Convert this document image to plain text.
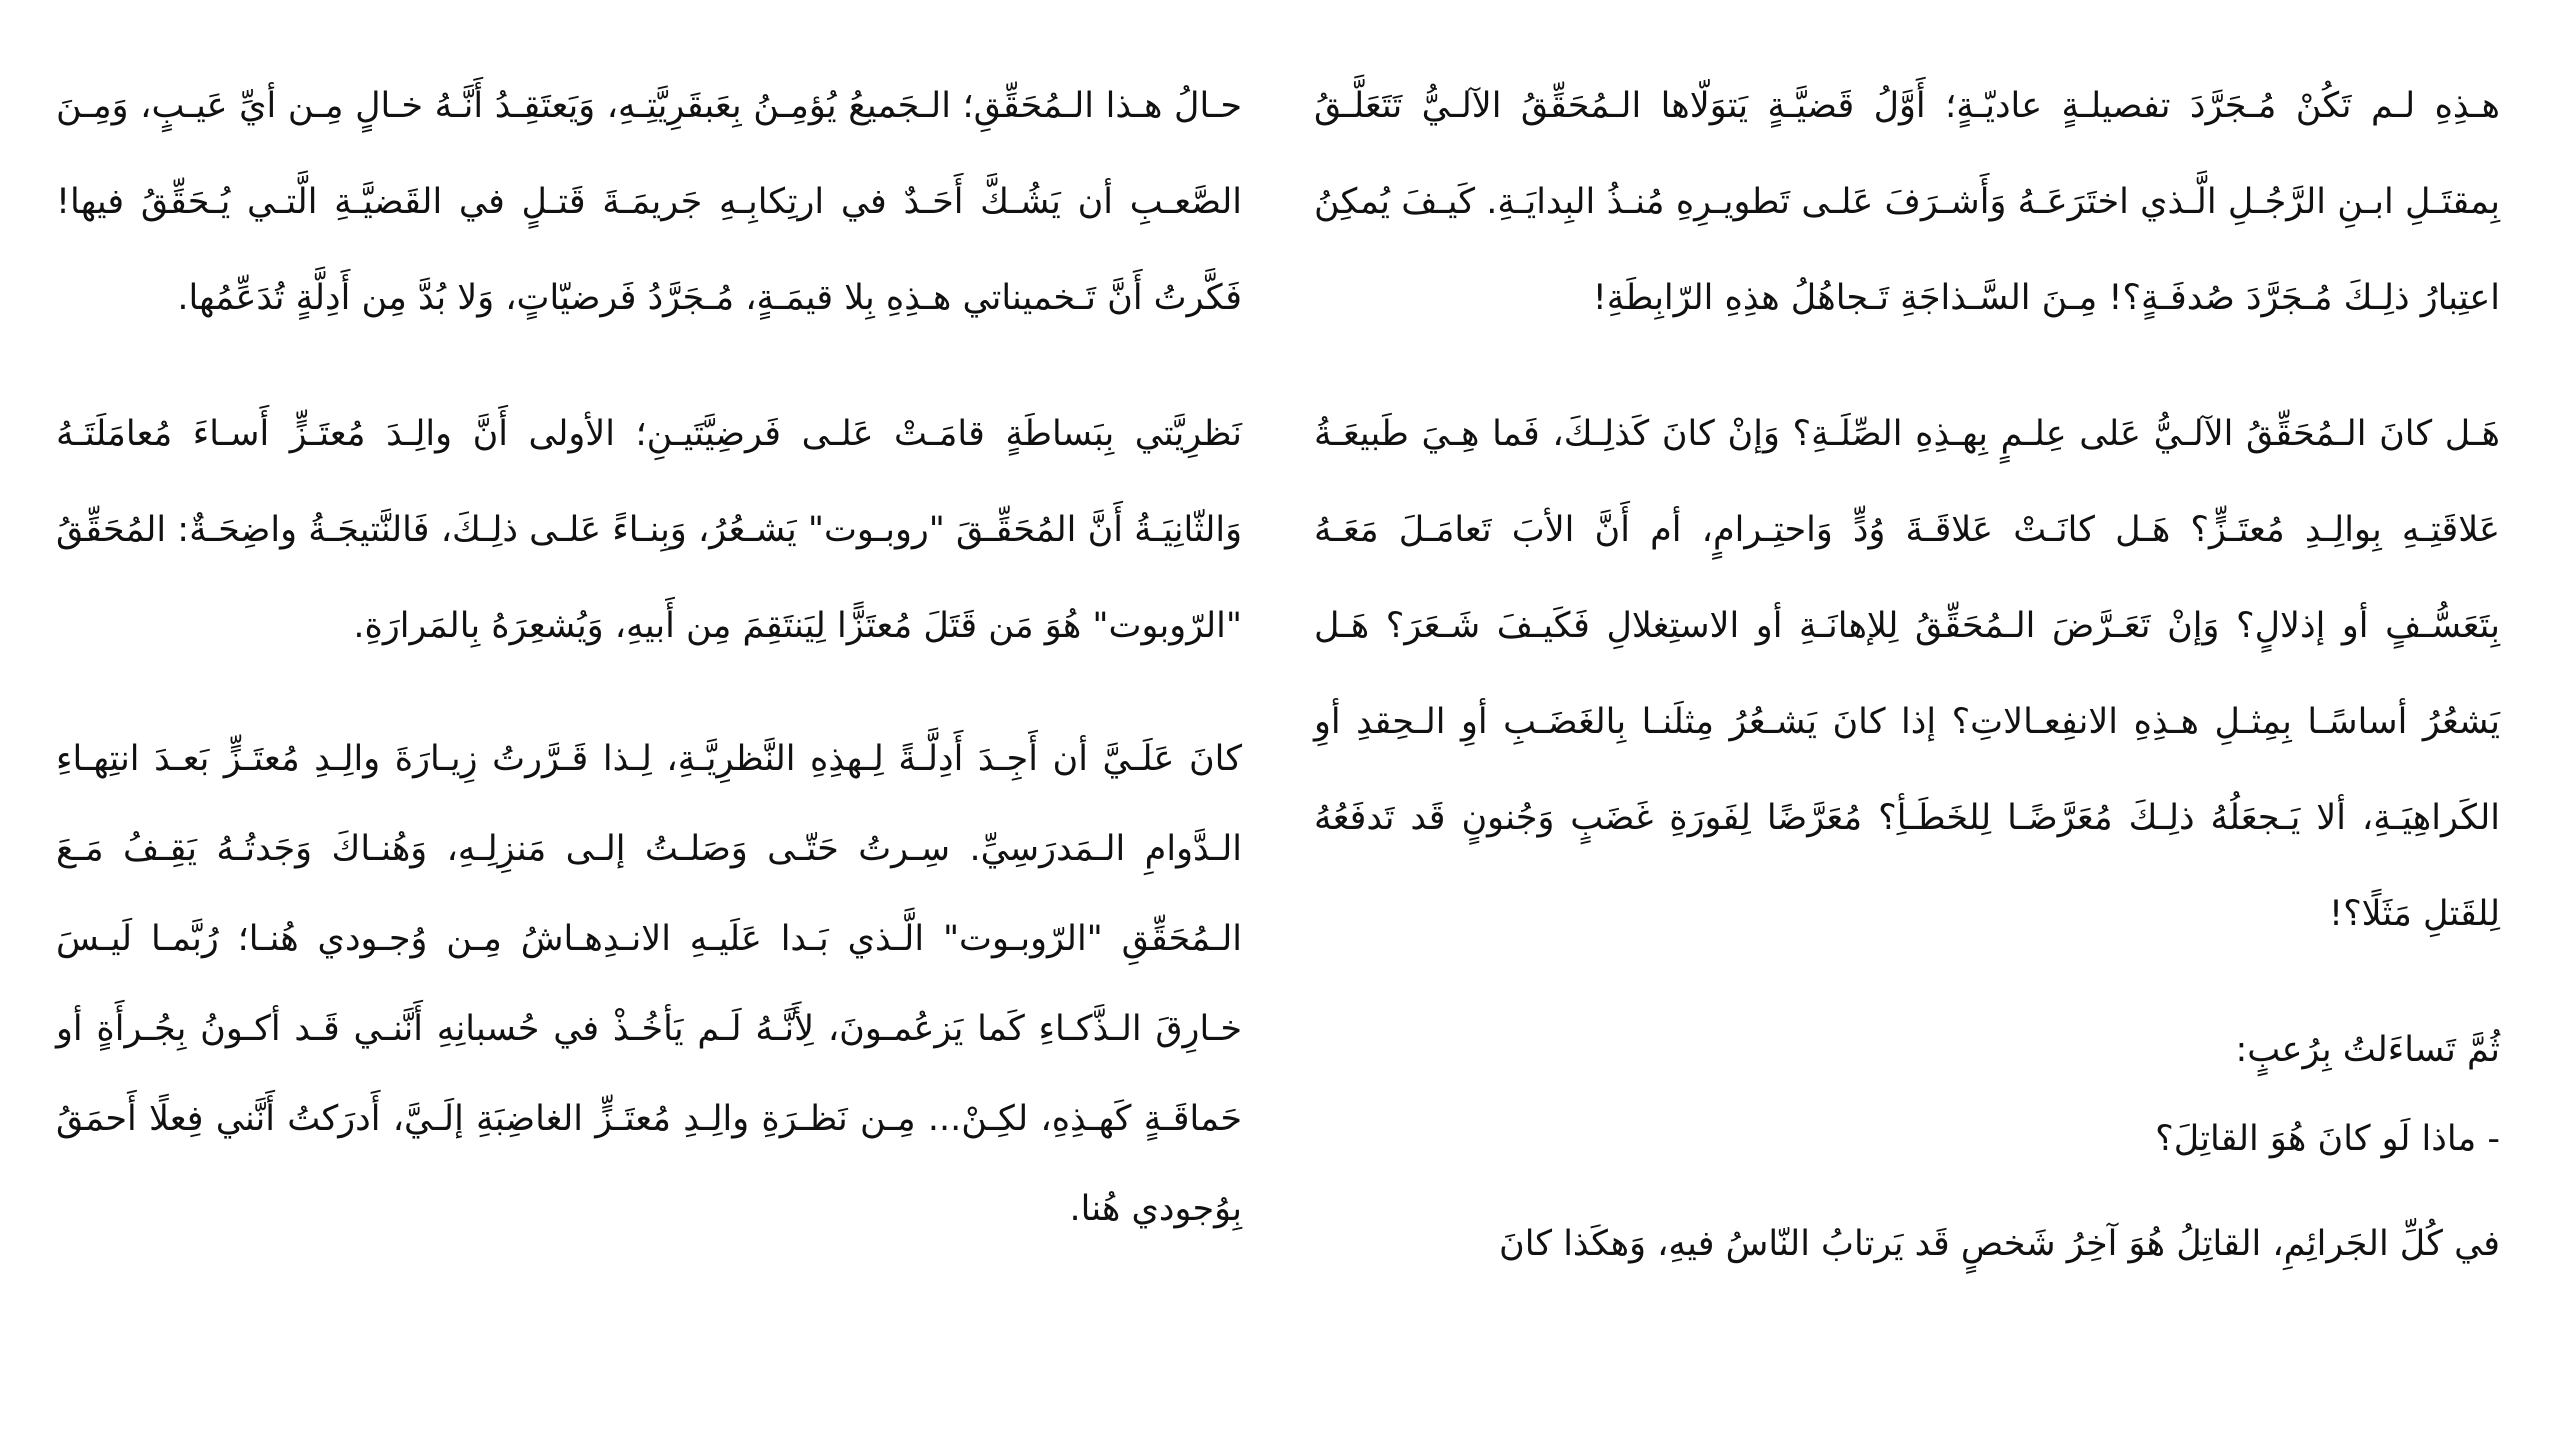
هـذِهِ لـم تَكُنْ مُـجَرَّدَ تفصيلـةٍ عاديّـةٍ؛ أَوَّلُ قَضيَّـةٍ يَتوَلّاها الـمُحَقِّقُ الآلـيُّ تَتَعَلَّـقُ بِمقتَـلِ ابـنِ الرَّجُـلِ الَّـذي اختَرَعَـهُ وَأَشـرَفَ عَلـى تَطويـرِهِ مُنـذُ البِدايَـةِ. كَيـفَ يُمكِنُ اعتِبارُ ذلِـكَ مُـجَرَّدَ صُدفَـةٍ؟! مِـنَ السَّـذاجَةِ تَـجاهُلُ هذِهِ الرّابِطَةِ!

هَـل كانَ الـمُحَقِّقُ الآلـيُّ عَلى عِلـمٍ بِهـذِهِ الصِّلَـةِ؟ وَإنْ كانَ كَذلِـكَ، فَما هِـيَ طَبيعَـةُ عَلاقَتِـهِ بِوالِـدِ مُعتَـزٍّ؟ هَـل كانَـتْ عَلاقَـةَ وُدٍّ وَاحتِـرامٍ، أم أَنَّ الأبَ تَعامَـلَ مَعَـهُ بِتَعَسُّـفٍ أو إذلالٍ؟ وَإنْ تَعَـرَّضَ الـمُحَقِّقُ لِلإهانَـةِ أو الاستِغلالِ فَكَيـفَ شَـعَرَ؟ هَـل يَشعُرُ أساسًـا بِمِثـلِ هـذِهِ الانفِعـالاتِ؟ إذا كانَ يَشـعُرُ مِثلَنـا بِالغَضَـبِ أوِ الـحِقدِ أوِ الكَراهِيَـةِ، ألا يَـجعَلُهُ ذلِـكَ مُعَرَّضًـا لِلخَطَـأِ؟ مُعَرَّضًا لِفَورَةِ غَضَبٍ وَجُنونٍ قَد تَدفَعُهُ لِلقَتلِ مَثَلًا؟!

ثُمَّ تَساءَلتُ بِرُعبٍ:

- ماذا لَو كانَ هُوَ القاتِلَ؟

في كُلِّ الجَرائِمِ، القاتِلُ هُوَ آخِرُ شَخصٍ قَد يَرتابُ النّاسُ فيهِ، وَهكَذا كانَ

حـالُ هـذا الـمُحَقِّقِ؛ الـجَميعُ يُؤمِـنُ بِعَبقَرِيَّتِـهِ، وَيَعتَقِـدُ أَنَّـهُ خـالٍ مِـن أيِّ عَيـبٍ، وَمِـنَ الصَّعـبِ أن يَشُـكَّ أَحَـدٌ في ارتِكابِـهِ جَريمَـةَ قَتـلٍ في القَضيَّـةِ الَّتـي يُـحَقِّقُ فيها! فَكَّرتُ أَنَّ تَـخميناتي هـذِهِ بِلا قيمَـةٍ، مُـجَرَّدُ فَرضيّاتٍ، وَلا بُدَّ مِن أَدِلَّةٍ تُدَعِّمُها.

نَظرِيَّتي بِبَساطَةٍ قامَـتْ عَلـى فَرضِيَّتَيـنِ؛ الأولى أَنَّ والِـدَ مُعتَـزٍّ أَسـاءَ مُعامَلَتَـهُ وَالثّانِيَـةُ أَنَّ المُحَقِّـقَ "روبـوت" يَشـعُرُ، وَبِنـاءً عَلـى ذلِـكَ، فَالنَّتيجَـةُ واضِحَـةٌ: المُحَقِّقُ "الرّوبوت" هُوَ مَن قَتَلَ مُعتَزًّا لِيَنتَقِمَ مِن أَبيهِ، وَيُشعِرَهُ بِالمَرارَةِ.

كانَ عَلَـيَّ أن أَجِـدَ أَدِلَّـةً لِـهذِهِ النَّظرِيَّـةِ، لِـذا قَـرَّرتُ زِيـارَةَ والِـدِ مُعتَـزٍّ بَعـدَ انتِهـاءِ الـدَّوامِ الـمَدرَسِيِّ. سِـرتُ حَتّـى وَصَلـتُ إلـى مَنزِلِـهِ، وَهُنـاكَ وَجَدتُـهُ يَقِـفُ مَـعَ الـمُحَقِّقِ "الرّوبـوت" الَّـذي بَـدا عَلَيـهِ الانـدِهـاشُ مِـن وُجـودي هُنـا؛ رُبَّمـا لَيـسَ خـارِقَ الـذَّكـاءِ كَما يَزعُمـونَ، لِأَنَّـهُ لَـم يَأخُـذْ في حُسبانِهِ أَنَّنـي قَـد أكـونُ بِجُـرأَةٍ أو حَماقَـةٍ كَهـذِهِ، لكِـنْ... مِـن نَظـرَةِ والِـدِ مُعتَـزٍّ الغاضِبَةِ إلَـيَّ، أَدرَكتُ أَنَّني فِعلًا أَحمَقُ بِوُجودي هُنا.
